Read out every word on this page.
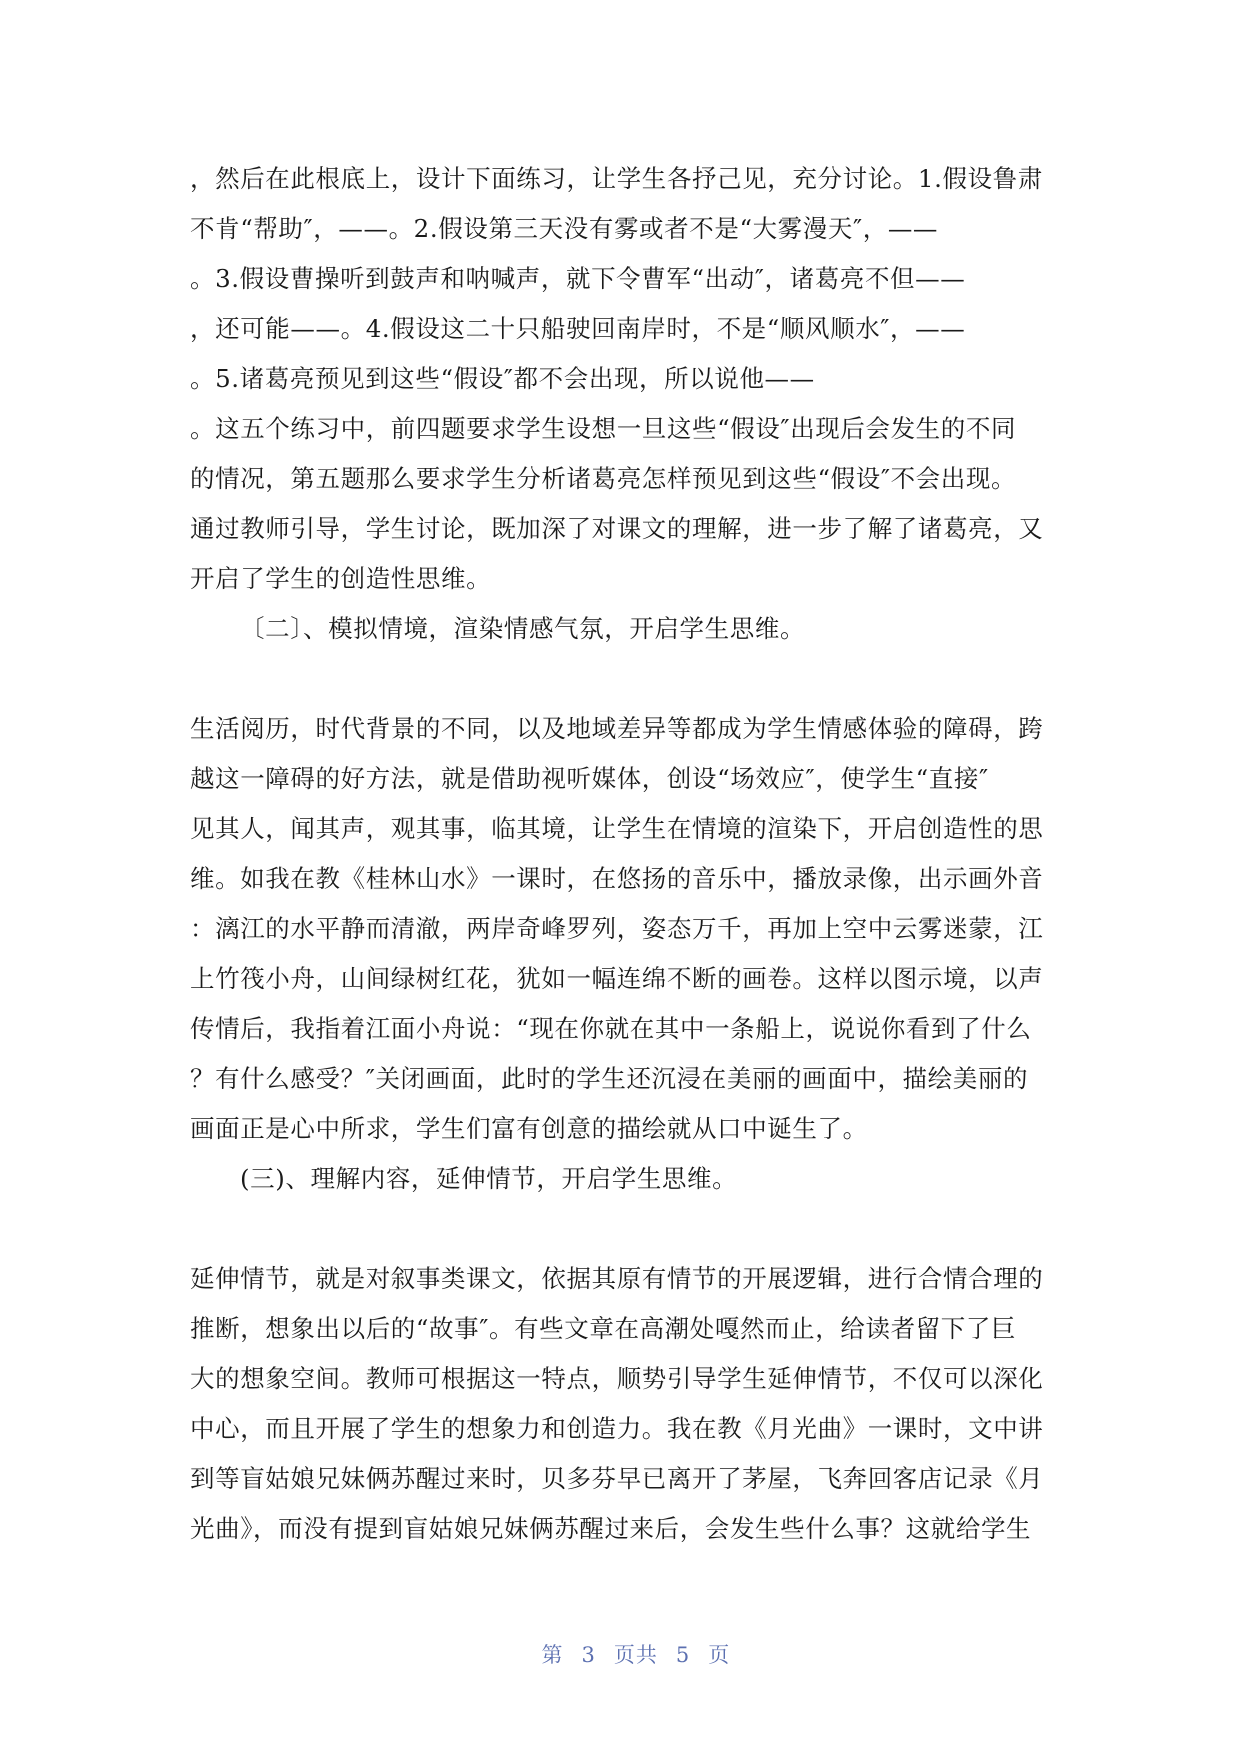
，然后在此根底上，设计下面练习，让学生各抒己见，充分讨论。1.假设鲁肃
不肯“帮助″，——。2.假设第三天没有雾或者不是“大雾漫天″，——
。3.假设曹操听到鼓声和呐喊声，就下令曹军“出动″，诸葛亮不但——
，还可能——。4.假设这二十只船驶回南岸时，不是“顺风顺水″，——
。5.诸葛亮预见到这些“假设″都不会出现，所以说他——
。这五个练习中，前四题要求学生设想一旦这些“假设″出现后会发生的不同
的情况，第五题那么要求学生分析诸葛亮怎样预见到这些“假设″不会出现。
通过教师引导，学生讨论，既加深了对课文的理解，进一步了解了诸葛亮，又
开启了学生的创造性思维。
〔二〕、模拟情境，渲染情感气氛，开启学生思维。
生活阅历，时代背景的不同，以及地域差异等都成为学生情感体验的障碍，跨
越这一障碍的好方法，就是借助视听媒体，创设“场效应″，使学生“直接″
见其人，闻其声，观其事，临其境，让学生在情境的渲染下，开启创造性的思
维。如我在教《桂林山水》一课时，在悠扬的音乐中，播放录像，出示画外音
：漓江的水平静而清澈，两岸奇峰罗列，姿态万千，再加上空中云雾迷蒙，江
上竹筏小舟，山间绿树红花，犹如一幅连绵不断的画卷。这样以图示境，以声
传情后，我指着江面小舟说：“现在你就在其中一条船上，说说你看到了什么
？有什么感受？″关闭画面，此时的学生还沉浸在美丽的画面中，描绘美丽的
画面正是心中所求，学生们富有创意的描绘就从口中诞生了。
(三)、理解内容，延伸情节，开启学生思维。
延伸情节，就是对叙事类课文，依据其原有情节的开展逻辑，进行合情合理的
推断，想象出以后的“故事″。有些文章在高潮处嘎然而止，给读者留下了巨
大的想象空间。教师可根据这一特点，顺势引导学生延伸情节，不仅可以深化
中心，而且开展了学生的想象力和创造力。我在教《月光曲》一课时，文中讲
到等盲姑娘兄妹俩苏醒过来时，贝多芬早已离开了茅屋，飞奔回客店记录《月
光曲》，而没有提到盲姑娘兄妹俩苏醒过来后，会发生些什么事？这就给学生

第 3 页共 5 页
